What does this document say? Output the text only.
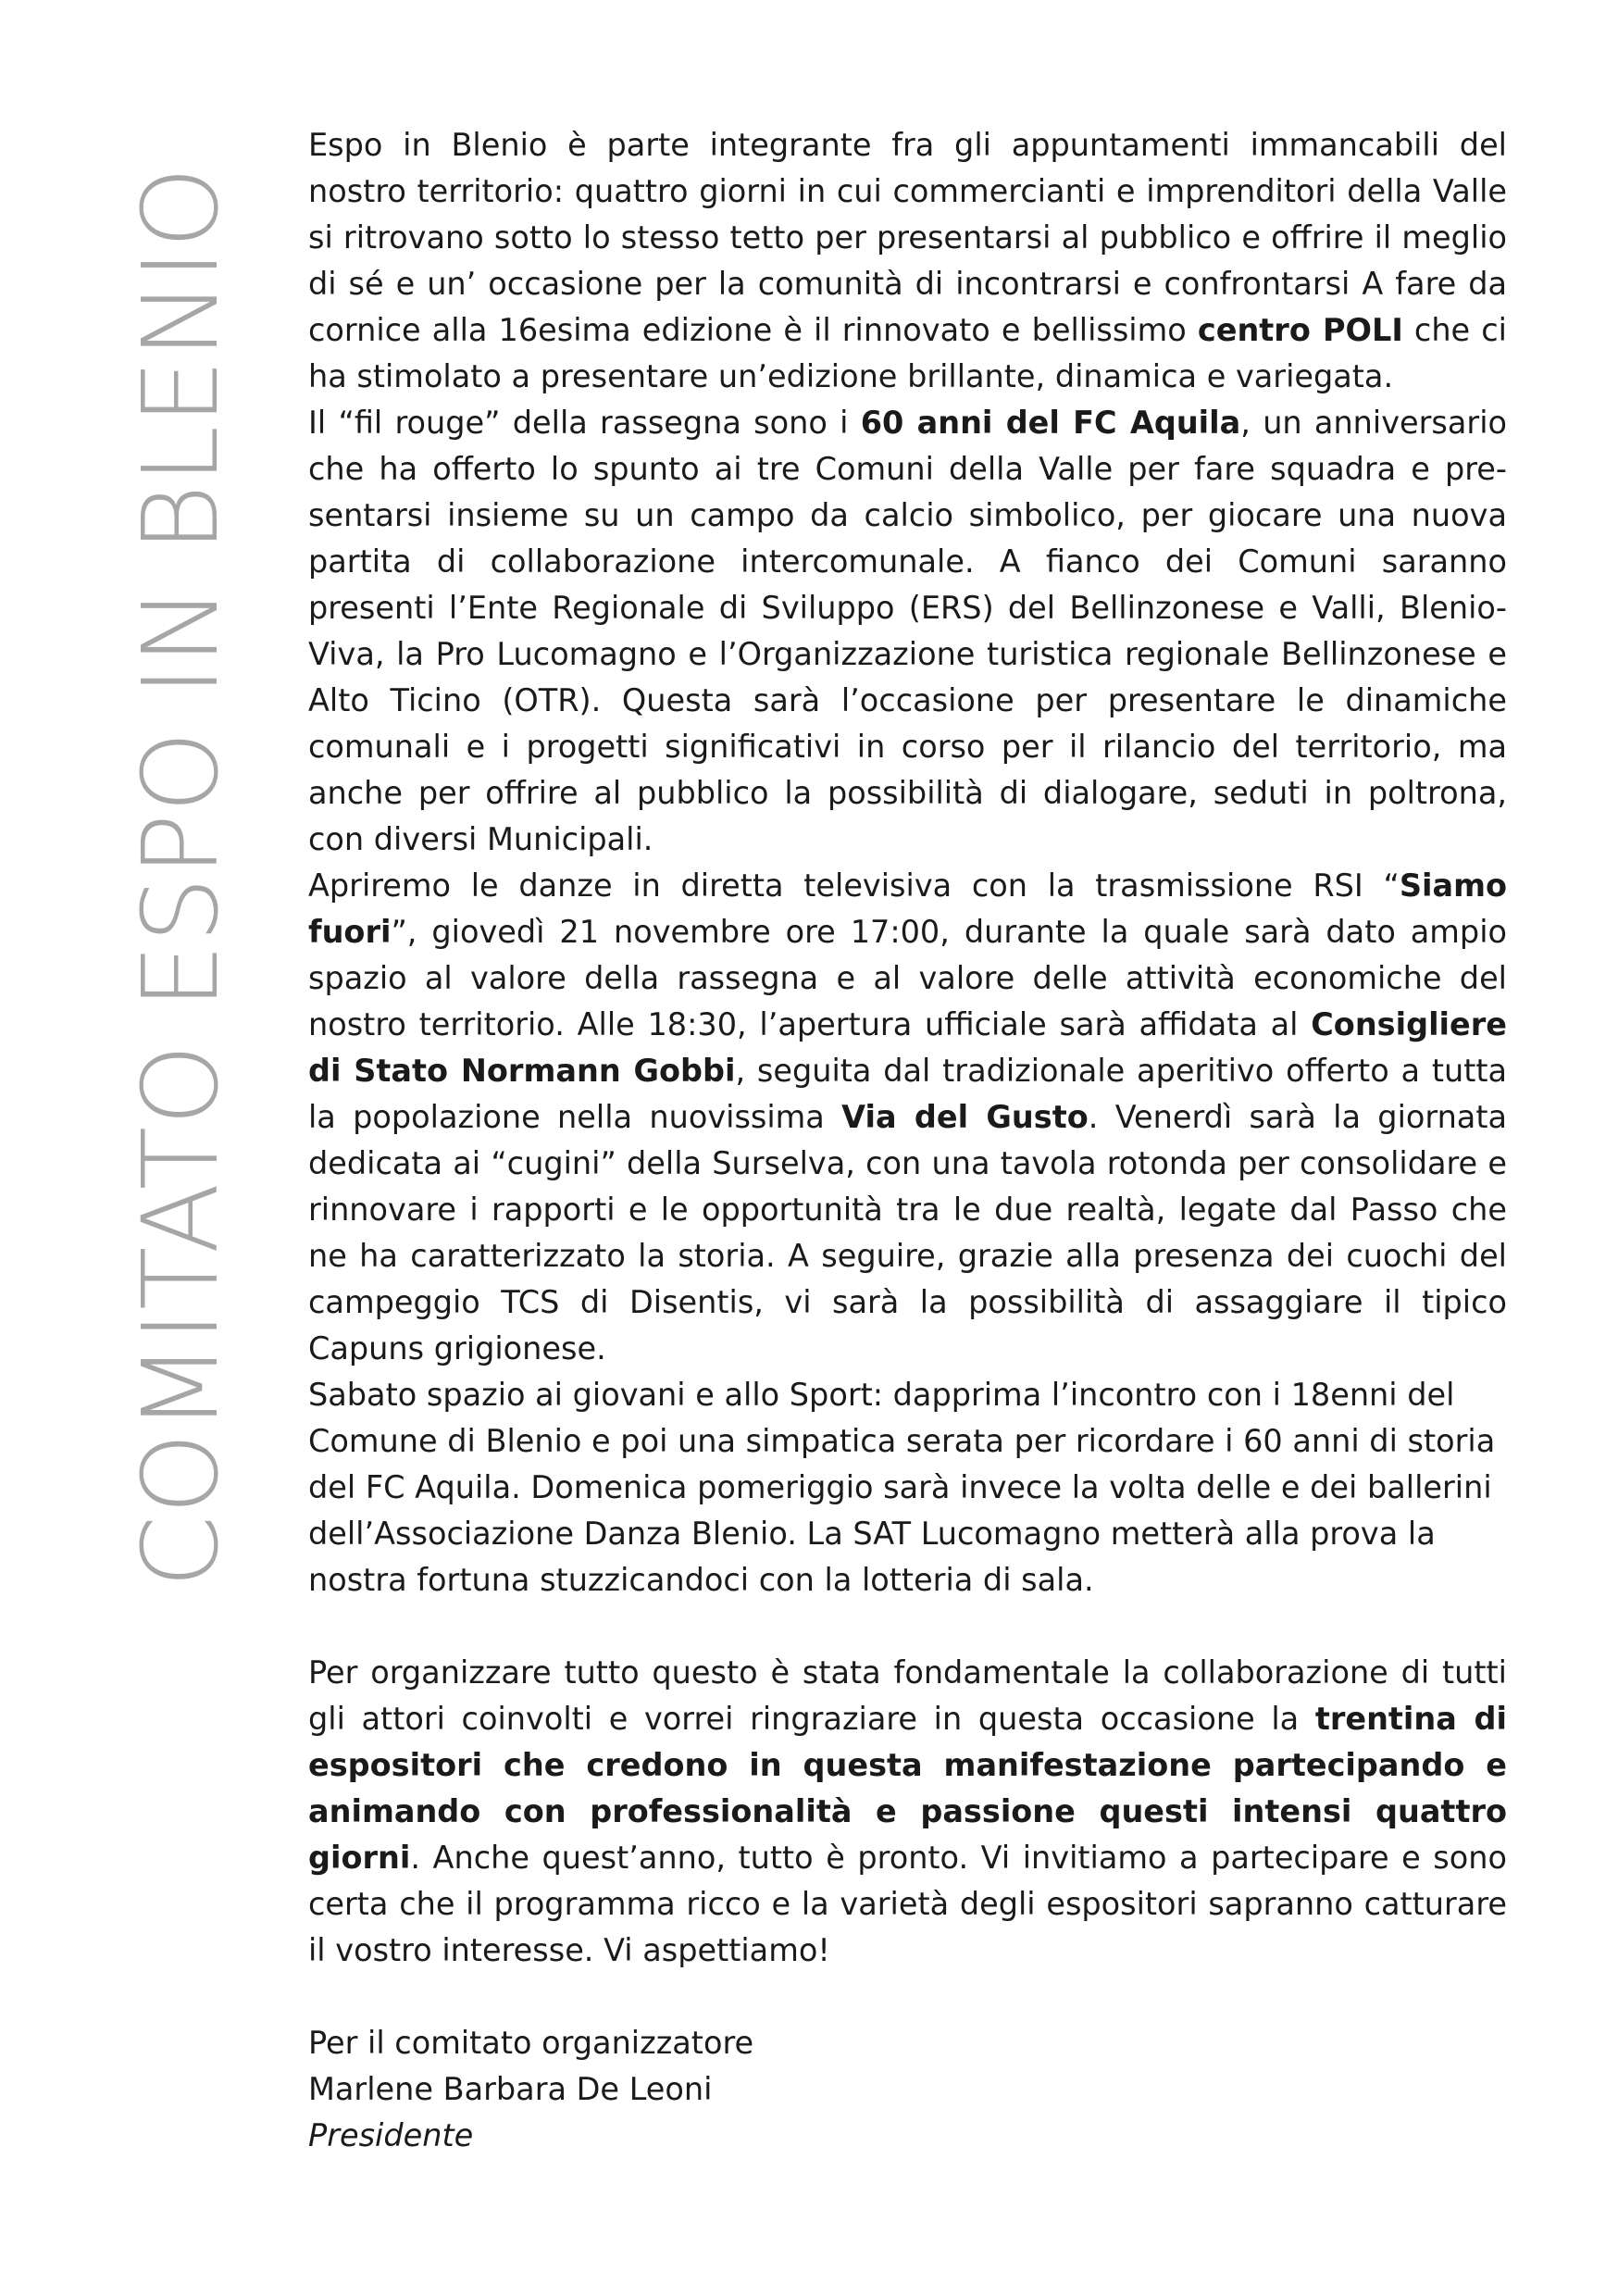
COMITATO ESPO IN BLENIO

Espo in Blenio è parte integrante fra gli appuntamenti immancabili del nostro territorio: quattro giorni in cui commercianti e imprenditori della Valle si ritrovano sotto lo stesso tetto per presentarsi al pubblico e offrire il meglio di sé e un’ occasione per la comunità di incontrarsi e confrontarsi A fare da cornice alla 16esima edizione è il rinnovato e bellissimo centro POLI che ci ha stimolato a presentare un’edizione brillante, dinamica e variegata.

Il “fil rouge” della rassegna sono i 60 anni del FC Aquila, un anniversario che ha offerto lo spunto ai tre Comuni della Valle per fare squadra e presentarsi insieme su un campo da calcio simbolico, per giocare una nuova partita di collaborazione intercomunale. A fianco dei Comuni saranno presenti l’Ente Regionale di Sviluppo (ERS) del Bellinzonese e Valli, BlenioViva, la Pro Lucomagno e l’Organizzazione turistica regionale Bellinzonese e Alto Ticino (OTR). Questa sarà l’occasione per presentare le dinamiche comunali e i progetti significativi in corso per il rilancio del territorio, ma anche per offrire al pubblico la possibilità di dialogare, seduti in poltrona, con diversi Municipali.

Apriremo le danze in diretta televisiva con la trasmissione RSI “Siamo fuori”, giovedì 21 novembre ore 17:00, durante la quale sarà dato ampio spazio al valore della rassegna e al valore delle attività economiche del nostro territorio. Alle 18:30, l’apertura ufficiale sarà affidata al Consigliere di Stato Normann Gobbi, seguita dal tradizionale aperitivo offerto a tutta la popolazione nella nuovissima Via del Gusto. Venerdì sarà la giornata dedicata ai “cugini” della Surselva, con una tavola rotonda per consolidare e rinnovare i rapporti e le opportunità tra le due realtà, legate dal Passo che ne ha caratterizzato la storia. A seguire, grazie alla presenza dei cuochi del campeggio TCS di Disentis, vi sarà la possibilità di assaggiare il tipico Capuns grigionese.

Sabato spazio ai giovani e allo Sport: dapprima l’incontro con i 18enni del Comune di Blenio e poi una simpatica serata per ricordare i 60 anni di storia del FC Aquila. Domenica pomeriggio sarà invece la volta delle e dei ballerini dell’Associazione Danza Blenio. La SAT Lucomagno metterà alla prova la nostra fortuna stuzzicandoci con la lotteria di sala.

Per organizzare tutto questo è stata fondamentale la collaborazione di tutti gli attori coinvolti e vorrei ringraziare in questa occasione la trentina di espositori che credono in questa manifestazione partecipando e animando con professionalità e passione questi intensi quattro giorni. Anche quest’anno, tutto è pronto. Vi invitiamo a partecipare e sono certa che il programma ricco e la varietà degli espositori sapranno catturare il vostro interesse. Vi aspettiamo!

Per il comitato organizzatore
Marlene Barbara De Leoni
Presidente
